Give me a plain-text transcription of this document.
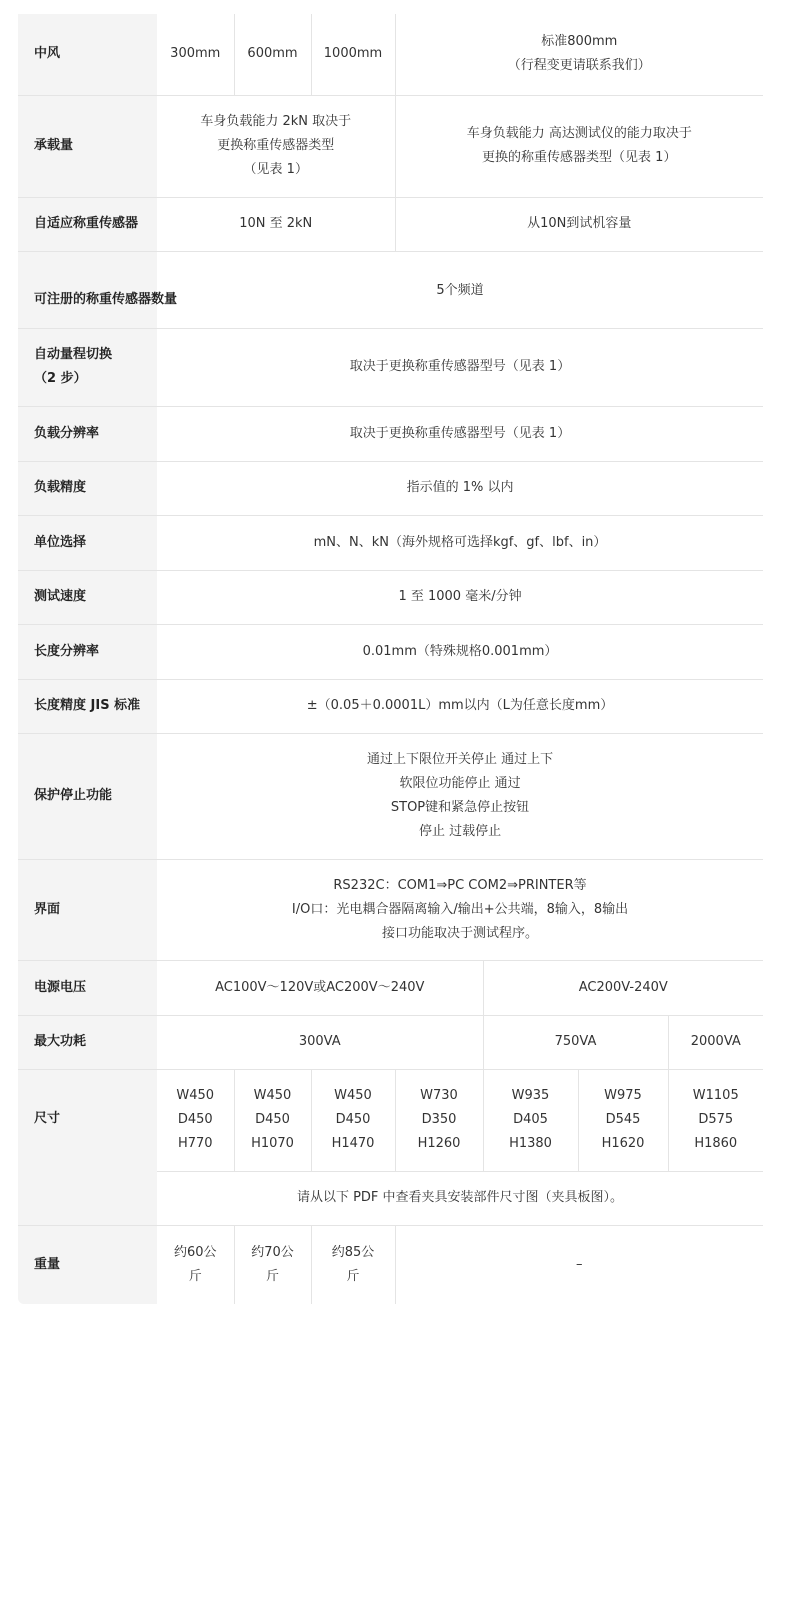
中风	300mm	600mm	1000mm	标准800mm
（行程变更请联系我们）			

承载量	车身负载能力 2kN 取决于
更换称重传感器类型
（见表 1）			车身负载能力 高达测试仪的能力取决于
更换的称重传感器类型（见表 1）			

自适应称重传感器	10N 至 2kN			从10N到试机容量			
可注册的称重传感器数量	5个频道						

自动量程切换
（2 步）	取决于更换称重传感器型号（见表 1）						
负载分辨率	取决于更换称重传感器型号（见表 1）						
负载精度	指示值的 1% 以内						
单位选择	mN、N、kN（海外规格可选择kgf、gf、lbf、in）						
测试速度	1 至 1000 毫米/分钟						
长度分辨率	0.01mm（特殊规格0.001mm）						
长度精度 JIS 标准	±（0.05＋0.0001L）mm以内（L为任意长度mm）						
保护停止功能	通过上下限位开关停止 通过上下
软限位功能停止 通过
STOP键和紧急停止按钮
停止 过载停止						

界面	RS232C：COM1⇒PC COM2⇒PRINTER等
I/O口：光电耦合器隔离输入/输出+公共端，8输入，8输出
接口功能取决于测试程序。						

电源电压	AC100V～120V或AC200V～240V				AC200V-240V		
最大功耗	300VA				750VA		2000VA
尺寸	W450
D450
H770	W450
D450
H1070	W450
D450
H1470	W730
D350
H1260	W935
D405
H1380	W975
D545
H1620	W1105
D575
H1860

	请从以下 PDF 中查看夹具安装部件尺寸图（夹具板图）。						
重量	约60公
斤	约70公
斤	约85公
斤	–			
